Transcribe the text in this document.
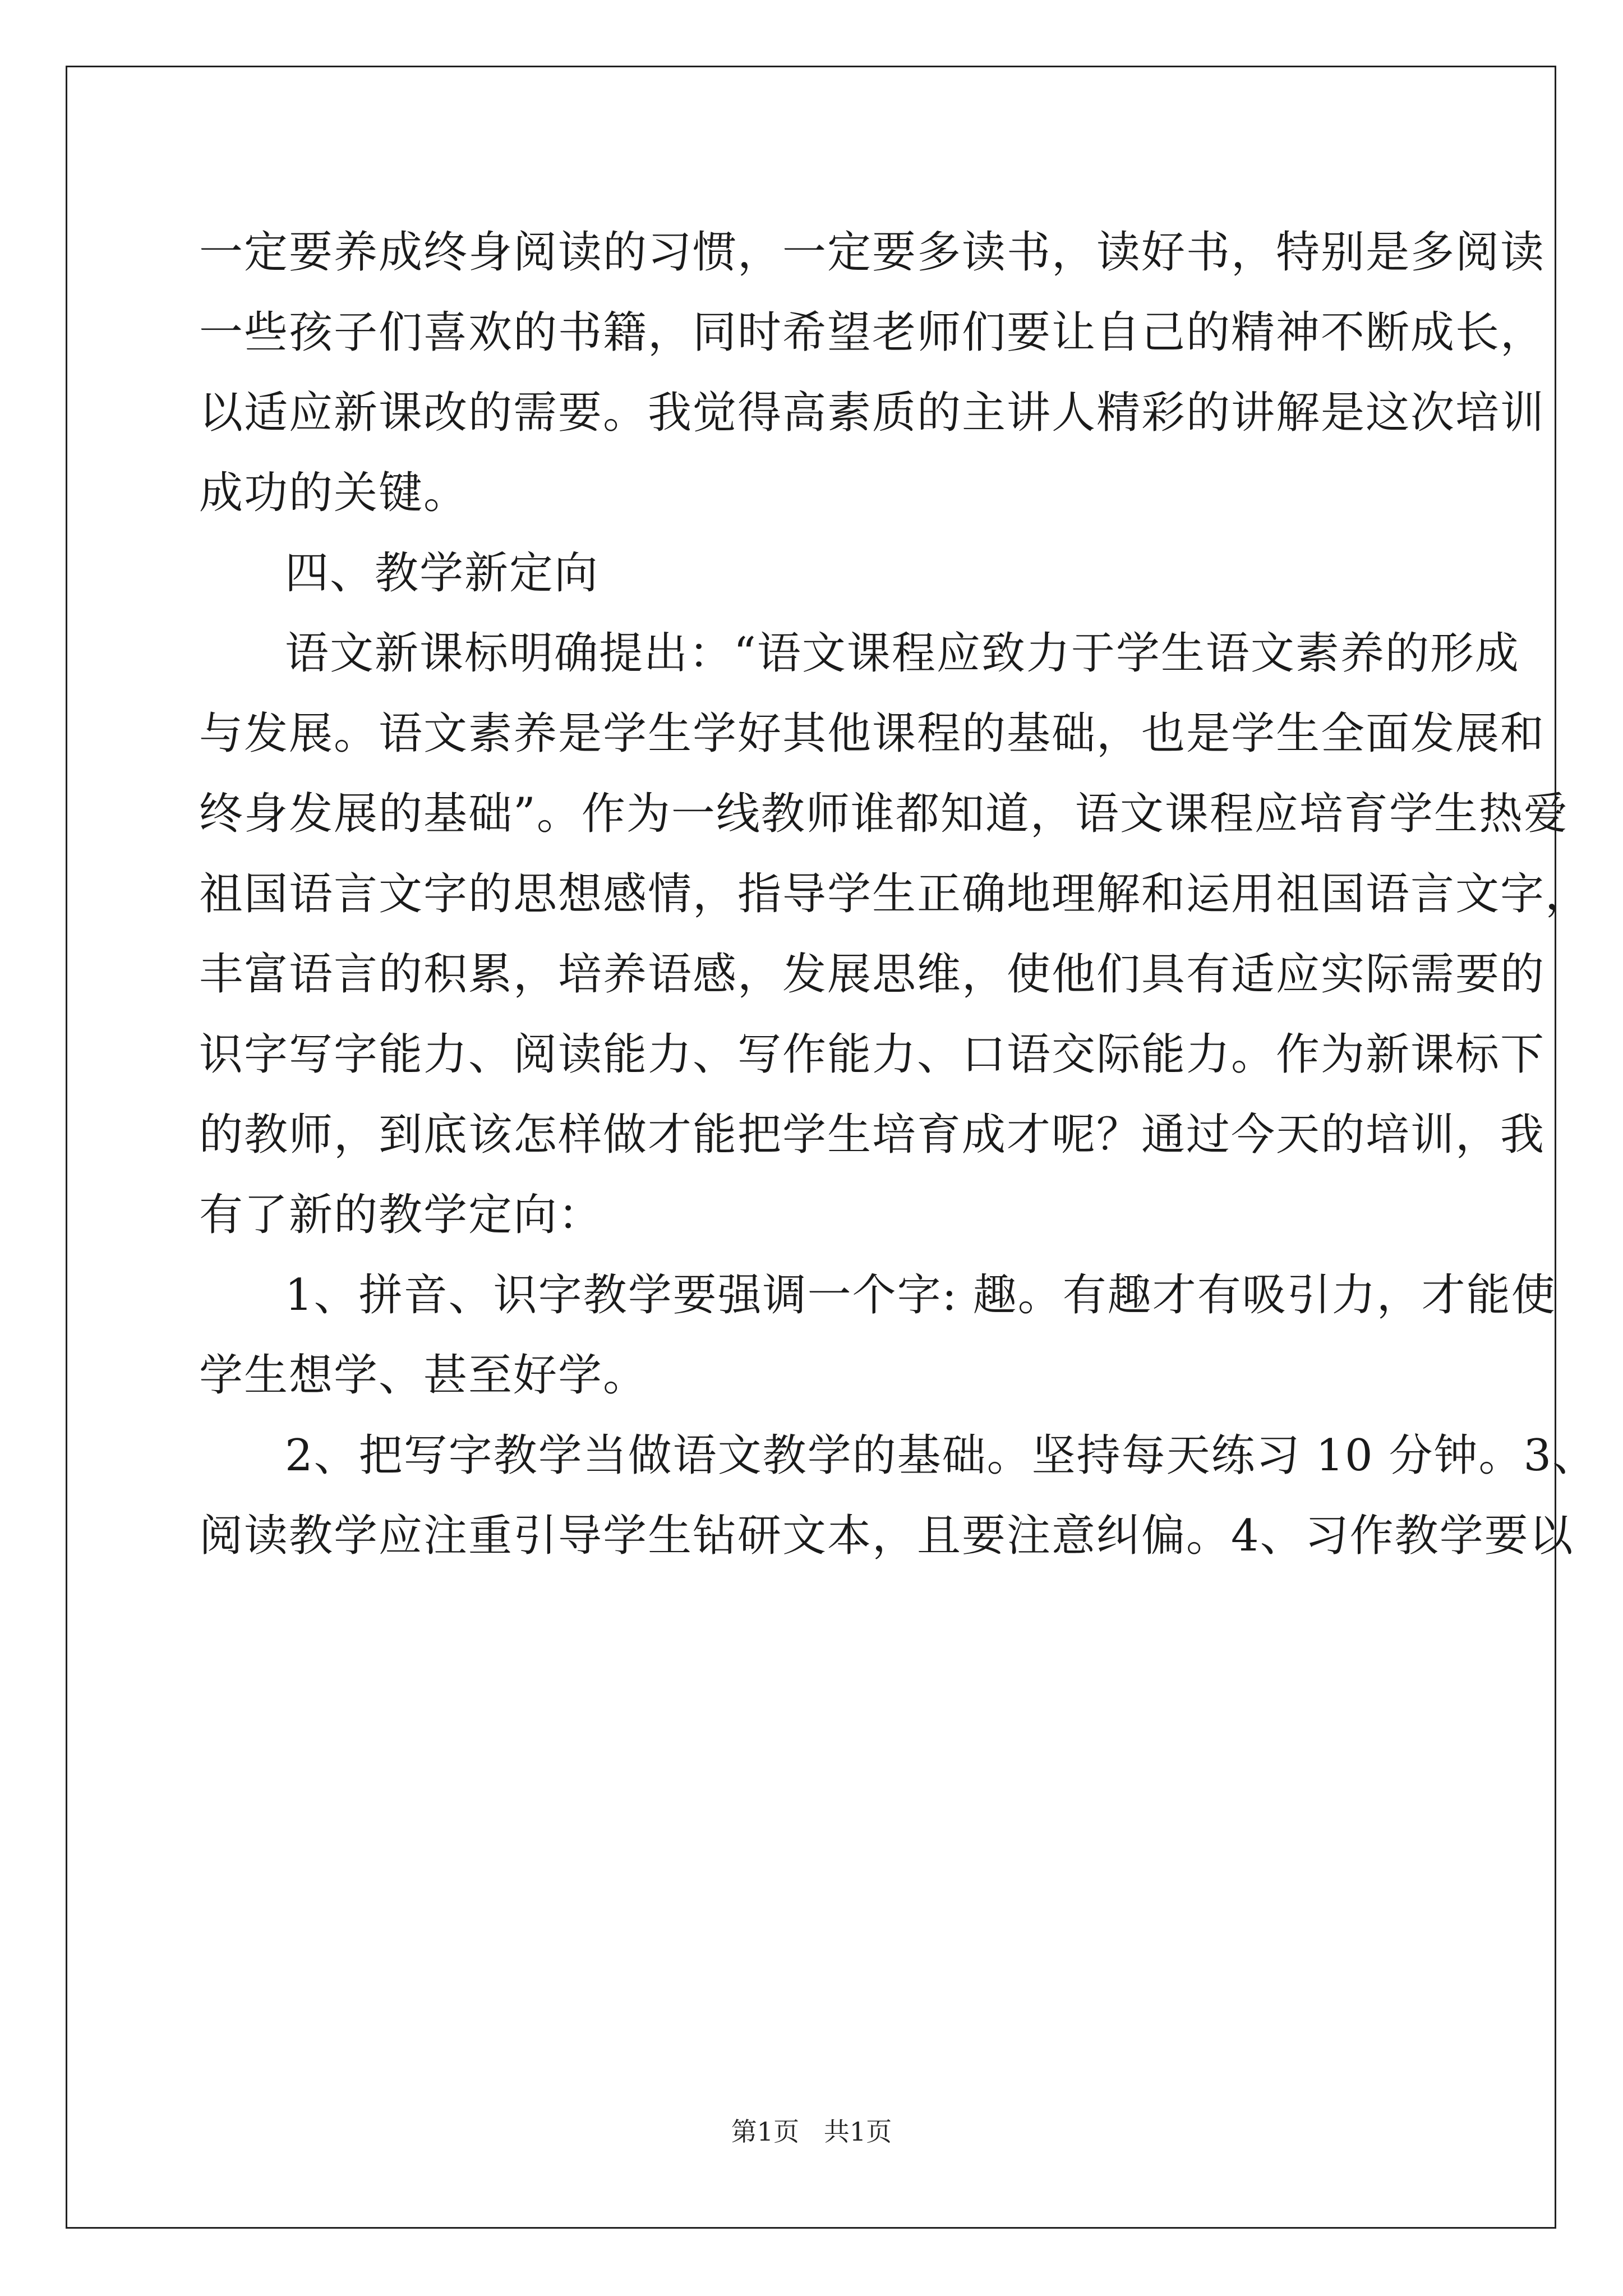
一定要养成终身阅读的习惯，一定要多读书，读好书，特别是多阅读

一些孩子们喜欢的书籍，同时希望老师们要让自己的精神不断成长，

以适应新课改的需要。我觉得高素质的主讲人精彩的讲解是这次培训

成功的关键。

四、教学新定向

语文新课标明确提出：“语文课程应致力于学生语文素养的形成

与发展。语文素养是学生学好其他课程的基础，也是学生全面发展和

终身发展的基础”。作为一线教师谁都知道，语文课程应培育学生热爱

祖国语言文字的思想感情，指导学生正确地理解和运用祖国语言文字，

丰富语言的积累，培养语感，发展思维，使他们具有适应实际需要的

识字写字能力、阅读能力、写作能力、口语交际能力。作为新课标下

的教师，到底该怎样做才能把学生培育成才呢？通过今天的培训，我

有了新的教学定向：

1、拼音、识字教学要强调一个字: 趣。有趣才有吸引力，才能使

学生想学、甚至好学。

2、把写字教学当做语文教学的基础。坚持每天练习 10 分钟。3、

阅读教学应注重引导学生钻研文本，且要注意纠偏。4、习作教学要以

第1页   共1页
